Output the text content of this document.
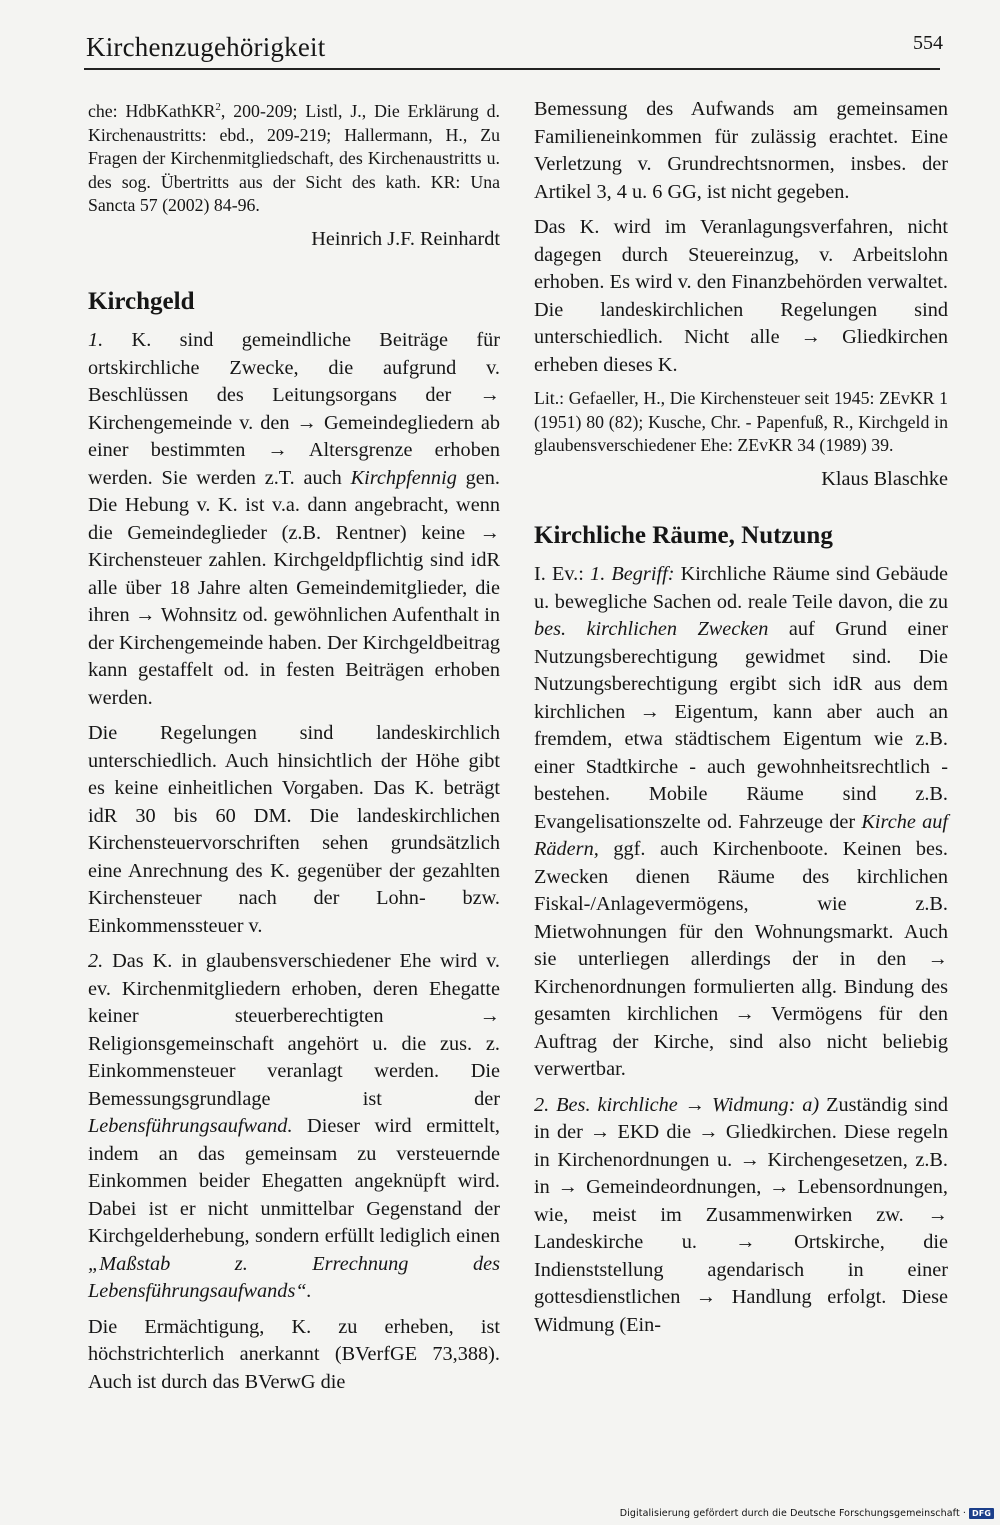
Kirchenzugehörigkeit	554

che: HdbKathKR$^2$, 200-209; Listl, J., Die Erklärung d. Kirchenaustritts: ebd., 209-219; Hallermann, H., Zu Fragen der Kirchenmitgliedschaft, des Kirchenaustritts u. des sog. Übertritts aus der Sicht des kath. KR: Una Sancta 57 (2002) 84-96.

Heinrich J.F. Reinhardt

Kirchgeld

1. K. sind gemeindliche Beiträge für ortskirchliche Zwecke, die aufgrund v. Beschlüssen des Leitungsorgans der → Kirchengemeinde v. den → Gemeindegliedern ab einer bestimmten → Altersgrenze erhoben werden. Sie werden z.T. auch Kirchpfennig gen. Die Hebung v. K. ist v.a. dann angebracht, wenn die Gemeindeglieder (z.B. Rentner) keine → Kirchensteuer zahlen. Kirchgeldpflichtig sind idR alle über 18 Jahre alten Gemeindemitglieder, die ihren → Wohnsitz od. gewöhnlichen Aufenthalt in der Kirchengemeinde haben. Der Kirchgeldbeitrag kann gestaffelt od. in festen Beiträgen erhoben werden.

Die Regelungen sind landeskirchlich unterschiedlich. Auch hinsichtlich der Höhe gibt es keine einheitlichen Vorgaben. Das K. beträgt idR 30 bis 60 DM. Die landeskirchlichen Kirchensteuervorschriften sehen grundsätzlich eine Anrechnung des K. gegenüber der gezahlten Kirchensteuer nach der Lohn- bzw. Einkommenssteuer v.

2. Das K. in glaubensverschiedener Ehe wird v. ev. Kirchenmitgliedern erhoben, deren Ehegatte keiner steuerberechtigten → Religionsgemeinschaft angehört u. die zus. z. Einkommensteuer veranlagt werden. Die Bemessungsgrundlage ist der Lebensführungsaufwand. Dieser wird ermittelt, indem an das gemeinsam zu versteuernde Einkommen beider Ehegatten angeknüpft wird. Dabei ist er nicht unmittelbar Gegenstand der Kirchgelderhebung, sondern erfüllt lediglich einen „Maßstab z. Errechnung des Lebensführungsaufwands“.

Die Ermächtigung, K. zu erheben, ist höchstrichterlich anerkannt (BVerfGE 73,388). Auch ist durch das BVerwG die

Bemessung des Aufwands am gemeinsamen Familieneinkommen für zulässig erachtet. Eine Verletzung v. Grundrechtsnormen, insbes. der Artikel 3, 4 u. 6 GG, ist nicht gegeben.

Das K. wird im Veranlagungsverfahren, nicht dagegen durch Steuereinzug, v. Arbeitslohn erhoben. Es wird v. den Finanzbehörden verwaltet. Die landeskirchlichen Regelungen sind unterschiedlich. Nicht alle → Gliedkirchen erheben dieses K.

Lit.: Gefaeller, H., Die Kirchensteuer seit 1945: ZEvKR 1 (1951) 80 (82); Kusche, Chr. - Papenfuß, R., Kirchgeld in glaubensverschiedener Ehe: ZEvKR 34 (1989) 39.

Klaus Blaschke

Kirchliche Räume, Nutzung

I. Ev.: 1. Begriff: Kirchliche Räume sind Gebäude u. bewegliche Sachen od. reale Teile davon, die zu bes. kirchlichen Zwecken auf Grund einer Nutzungsberechtigung gewidmet sind. Die Nutzungsberechtigung ergibt sich idR aus dem kirchlichen → Eigentum, kann aber auch an fremdem, etwa städtischem Eigentum wie z.B. einer Stadtkirche - auch gewohnheitsrechtlich - bestehen. Mobile Räume sind z.B. Evangelisationszelte od. Fahrzeuge der Kirche auf Rädern, ggf. auch Kirchenboote. Keinen bes. Zwecken dienen Räume des kirchlichen Fiskal-/Anlagevermögens, wie z.B. Mietwohnungen für den Wohnungsmarkt. Auch sie unterliegen allerdings der in den → Kirchenordnungen formulierten allg. Bindung des gesamten kirchlichen → Vermögens für den Auftrag der Kirche, sind also nicht beliebig verwertbar.

2. Bes. kirchliche → Widmung: a) Zuständig sind in der → EKD die → Gliedkirchen. Diese regeln in Kirchenordnungen u. → Kirchengesetzen, z.B. in → Gemeindeordnungen, → Lebensordnungen, wie, meist im Zusammenwirken zw. → Landeskirche u. → Ortskirche, die Indienststellung agendarisch in einer gottesdienstlichen → Handlung erfolgt. Diese Widmung (Ein-

Digitalisierung gefördert durch die Deutsche Forschungsgemeinschaft · DFG
